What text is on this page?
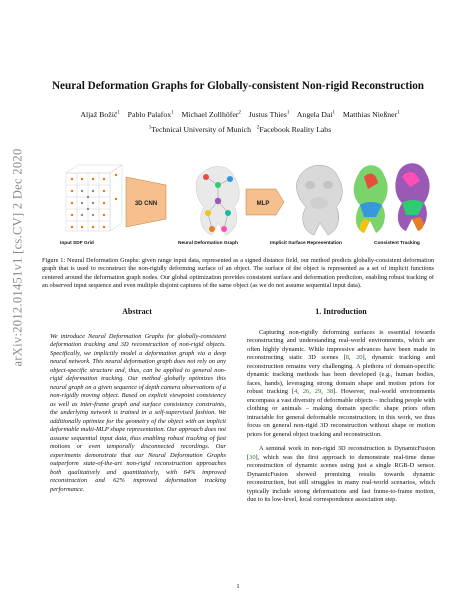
arXiv:2012.01451v1 [cs.CV] 2 Dec 2020
Neural Deformation Graphs for Globally-consistent Non-rigid Reconstruction
Aljaž Božič$^1$ Pablo Palafox$^1$ Michael Zollhöfer$^2$ Justus Thies$^1$ Angela Dai$^1$ Matthias Nießner$^1$
$^1$Technical University of Munich $^2$Facebook Reality Labs
3D CNN	MLP
Input SDF Grid	Neural Deformation Graph	Implicit Surface Representation	Consistent Tracking
Figure 1: Neural Deformation Graphs: given range input data, represented as a signed distance field, our method predicts globally-consistent deformation graph that is used to reconstruct the non-rigidly deforming surface of an object. The surface of the object is represented as a set of implicit functions centered around the deformation graph nodes. Our global optimization provides consistent surface and deformation prediction, enabling robust tracking of an observed input sequence and even multiple disjoint captures of the same object (as we do not assume sequential input data).
Abstract
We introduce Neural Deformation Graphs for globally-consistent deformation tracking and 3D reconstruction of non-rigid objects. Specifically, we implicitly model a deformation graph via a deep neural network. This neural deformation graph does not rely on any object-specific structure and, thus, can be applied to general non-rigid deformation tracking. Our method globally optimizes this neural graph on a given sequence of depth camera observations of a non-rigidly moving object. Based on explicit viewpoint consistency as well as inter-frame graph and surface consistency constraints, the underlying network is trained in a self-supervised fashion. We additionally optimize for the geometry of the object with an implicit deformable multi-MLP shape representation. Our approach does not assume sequential input data, thus enabling robust tracking of fast motions or even temporally disconnected recordings. Our experiments demonstrate that our Neural Deformation Graphs outperform state-of-the-art non-rigid reconstruction approaches both qualitatively and quantitatively, with 64% improved reconstruction and 62% improved deformation tracking performance.
1. Introduction

Capturing non-rigidly deforming surfaces is essential towards reconstructing and understanding real-world environments, which are often highly dynamic. While impressive advances have been made in reconstructing static 3D scenes [8, 20], dynamic tracking and reconstruction remains very challenging. A plethora of domain-specific dynamic tracking methods has been developed (e.g., human bodies, faces, hands), leveraging strong domain shape and motion priors for robust tracking [4, 26, 29, 38]. However, real-world environments encompass a vast diversity of deformable objects – including people with clothing or animals – making domain specific shape priors often intractable for general deformable reconstruction; in this work, we thus focus on general non-rigid 3D reconstruction without shape or motion priors for general object tracking and reconstruction.

A seminal work in non-rigid 3D reconstruction is DynamicFusion [30], which was the first approach to demonstrate real-time dense reconstruction of dynamic scenes using just a single RGB-D sensor. DynamicFusion showed promising results towards dynamic reconstruction, but still struggles in many real-world scenarios, which typically include strong deformations and fast frame-to-frame motion, due to its low-level, local correspondence association step.

1
